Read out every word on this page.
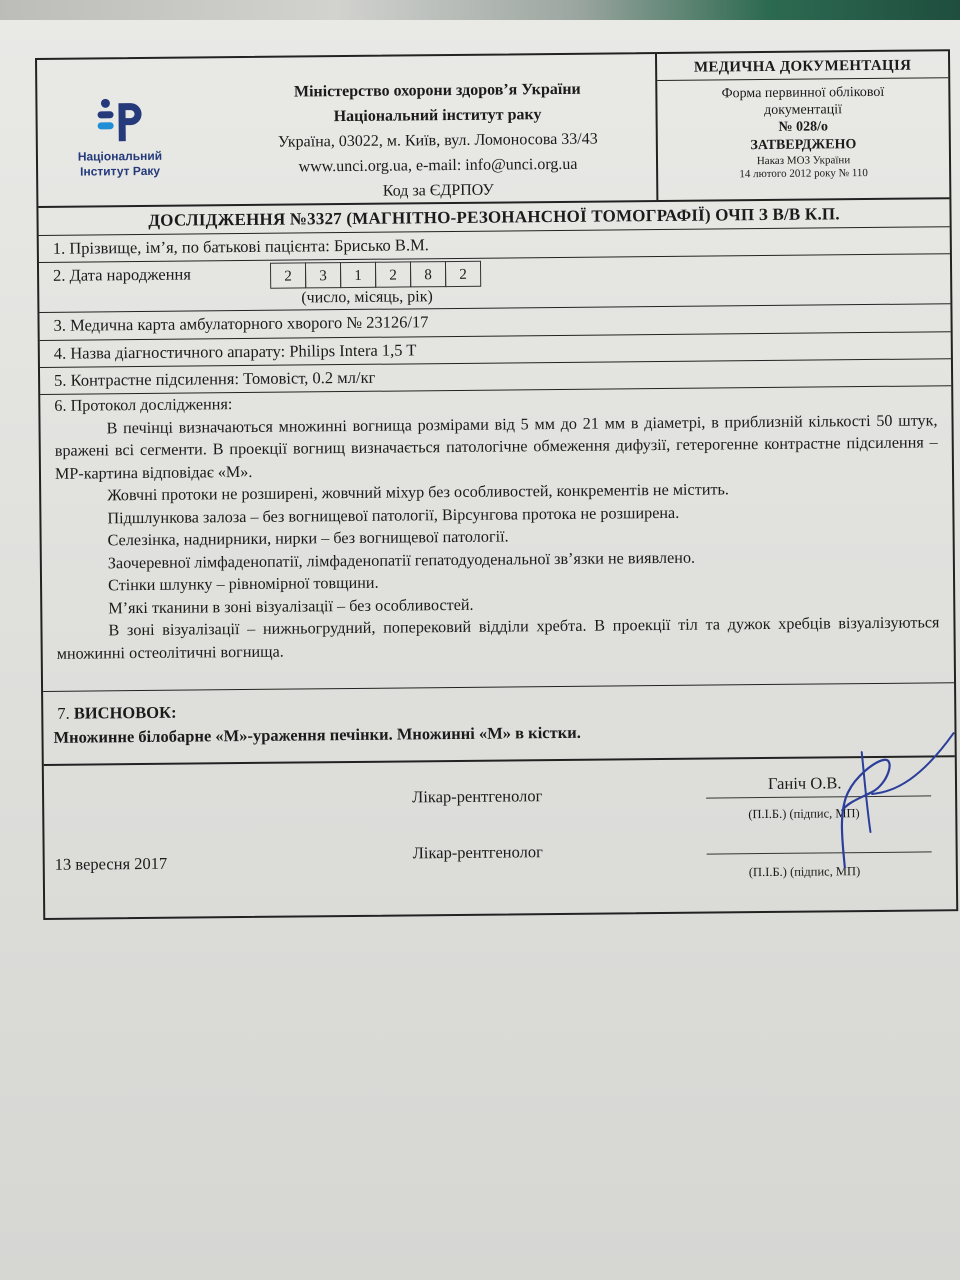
Національний
Інститут Раку
Міністерство охорони здоров’я України
Національний інститут раку
Україна, 03022, м. Київ, вул. Ломоносова 33/43
www.unci.org.ua, e-mail: info@unci.org.ua
Код за ЄДРПОУ
МЕДИЧНА ДОКУМЕНТАЦІЯ
Форма первинної облікової
документації
№ 028/о
ЗАТВЕРДЖЕНО
Наказ МОЗ України
14 лютого 2012 року № 110
ДОСЛІДЖЕННЯ №3327 (МАГНІТНО-РЕЗОНАНСНОЇ ТОМОГРАФІЇ) ОЧП З В/В К.П.
1. Прізвище, ім’я, по батькові пацієнта: Брисько В.М.
2. Дата народження	2	3	1	2	8	2
(число, місяць, рік)
3. Медична карта амбулаторного хворого № 23126/17
4. Назва діагностичного апарату: Philips Intera 1,5 T
5. Контрастне підсилення: Томовіст, 0.2 мл/кг

6. Протокол дослідження:

В печінці визначаються множинні вогнища розмірами від 5 мм до 21 мм в діаметрі, в приблизній кількості 50 штук, вражені всі сегменти. В проекції вогнищ визначається патологічне обмеження дифузії, гетерогенне контрастне підсилення – МР-картина відповідає «М».

Жовчні протоки не розширені, жовчний міхур без особливостей, конкрементів не містить.

Підшлункова залоза – без вогнищевої патології, Вірсунгова протока не розширена.

Селезінка, наднирники, нирки – без вогнищевої патології.

Заочеревної лімфаденопатії, лімфаденопатії гепатодуоденальної зв’язки не виявлено.

Стінки шлунку – рівномірної товщини.

М’які тканини в зоні візуалізації – без особливостей.

В зоні візуалізації – нижньогрудний, поперековий відділи хребта. В проекції тіл та дужок хребців візуалізуються множинні остеолітичні вогнища.

7. ВИСНОВОК:
Множинне білобарне «М»-ураження печінки. Множинні «М» в кістки.
Лікар-рентгенолог
Ганіч О.В.
(П.І.Б.) (підпис, МП)
Лікар-рентгенолог
(П.І.Б.) (підпис, МП)
13 вересня 2017
